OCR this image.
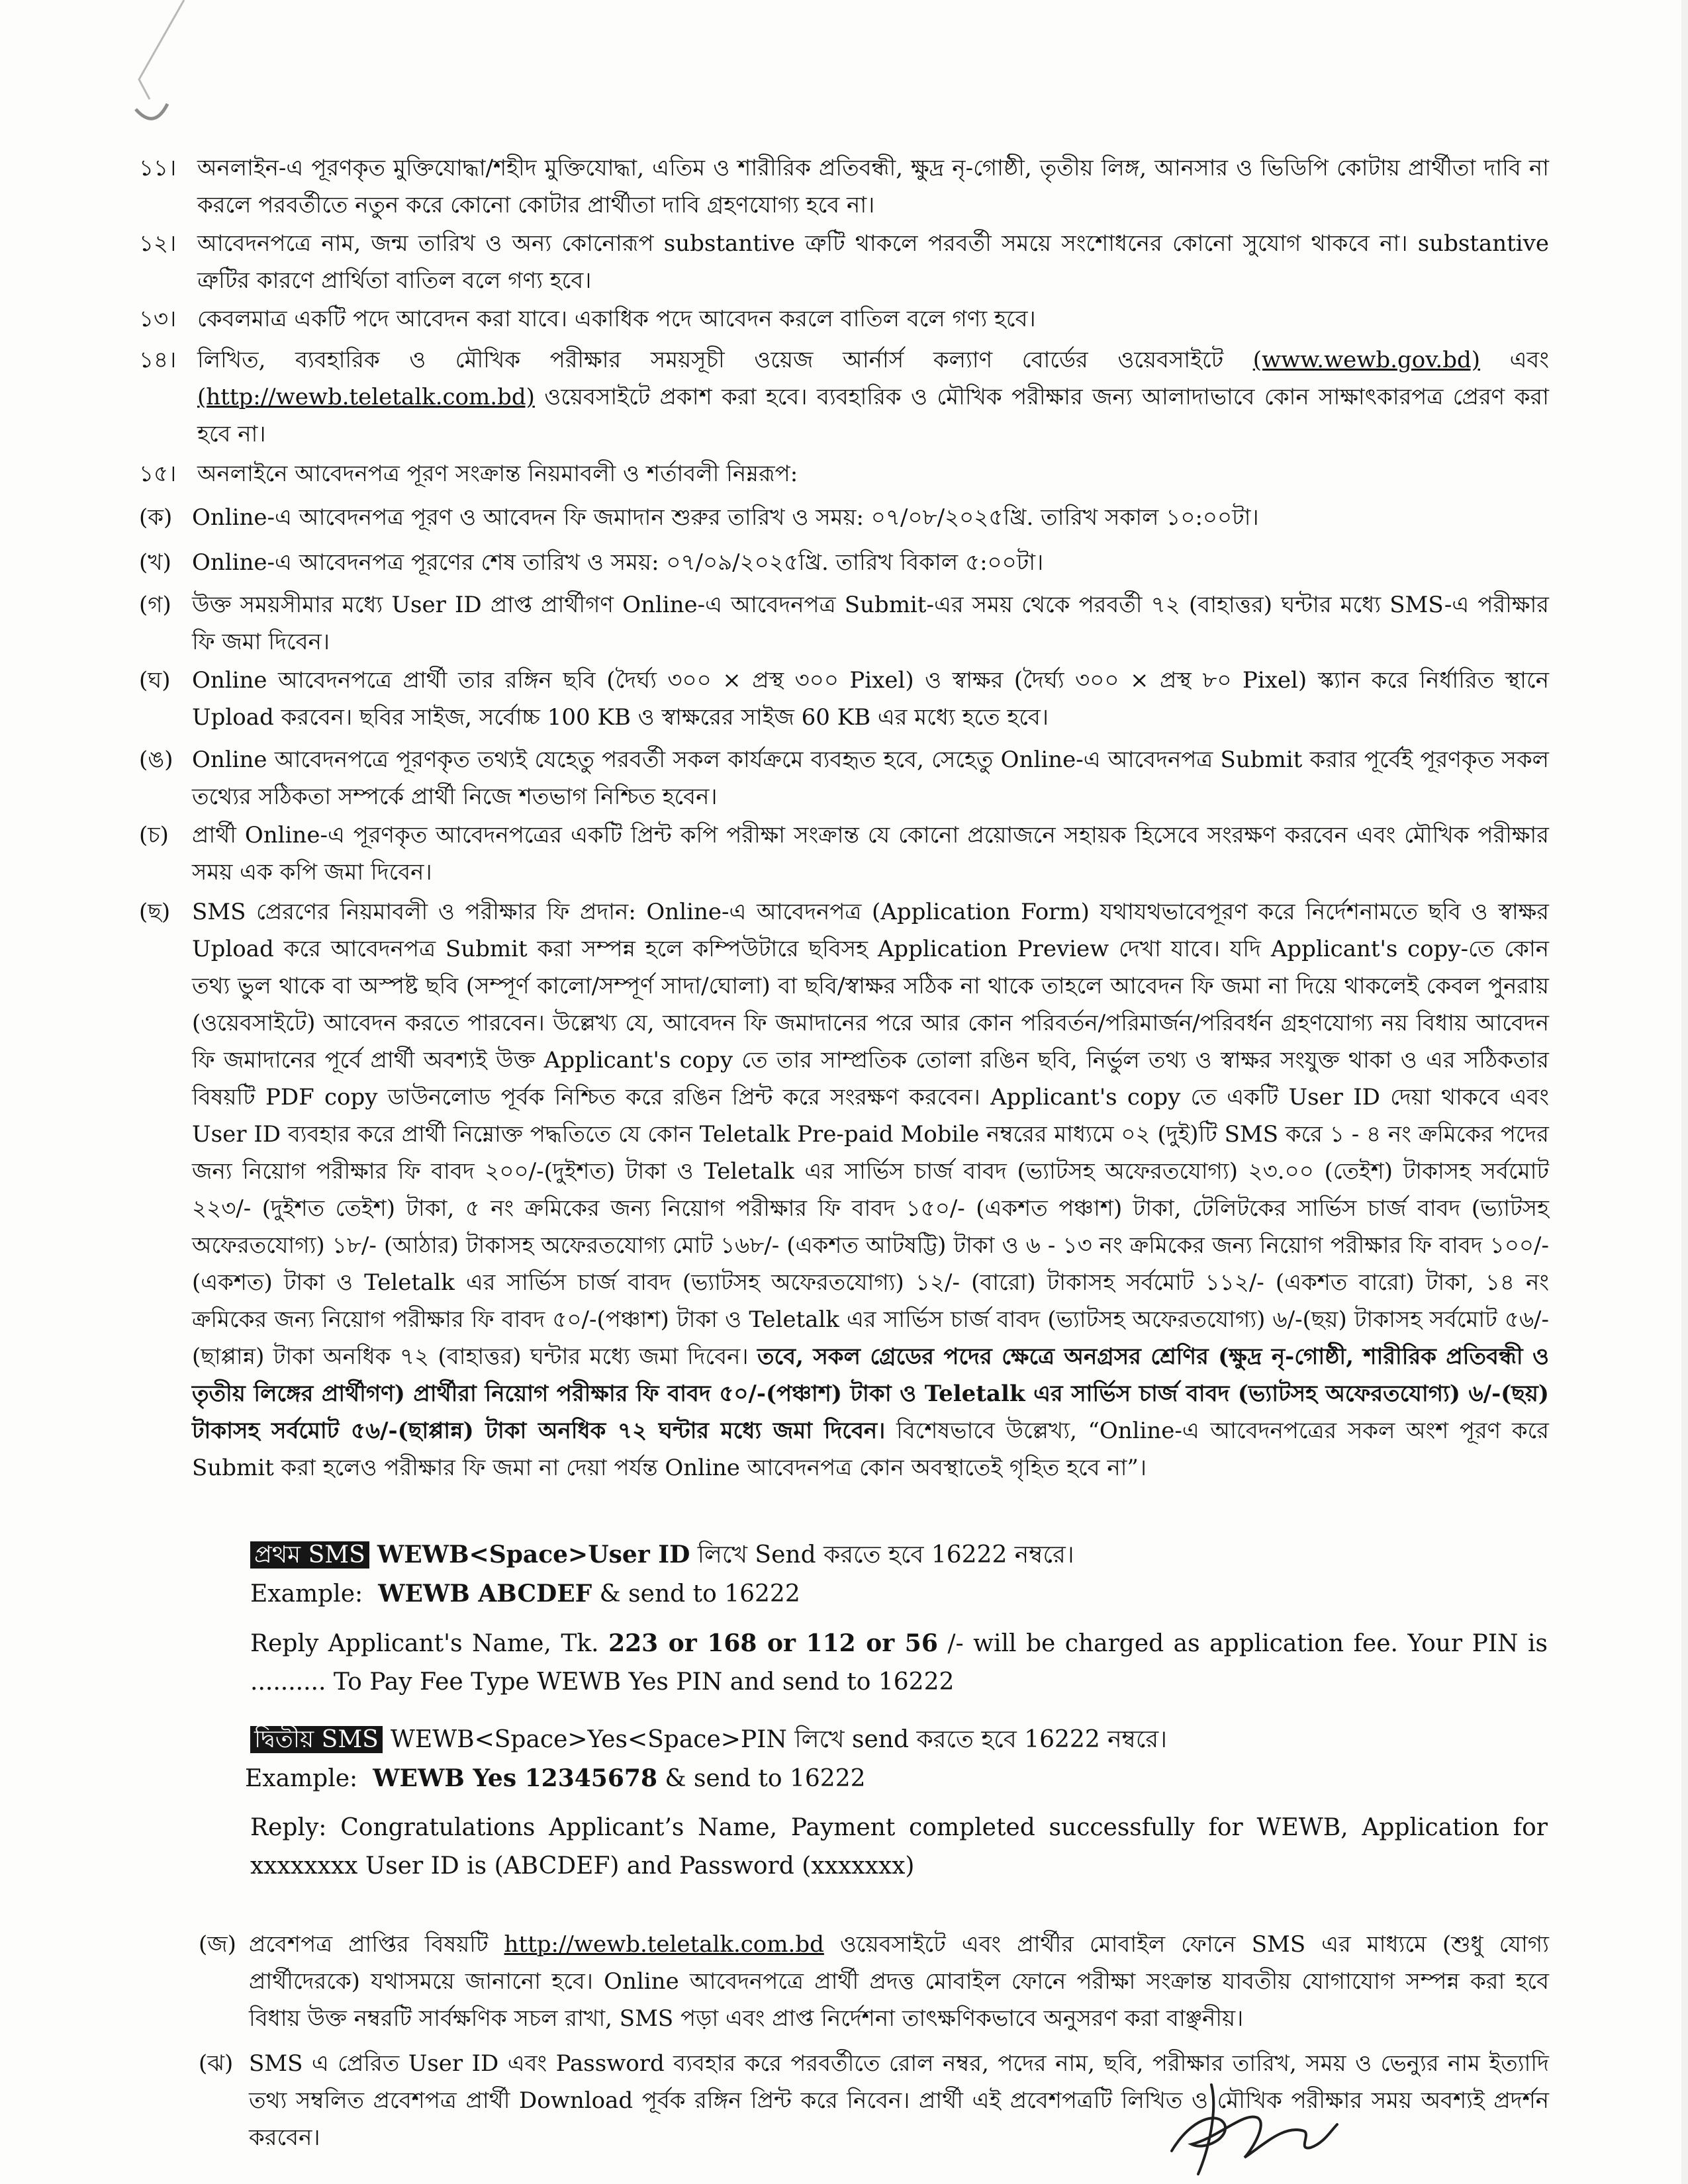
১১। অনলাইন-এ পূরণকৃত মুক্তিযোদ্ধা/শহীদ মুক্তিযোদ্ধা, এতিম ও শারীরিক প্রতিবন্ধী, ক্ষুদ্র নৃ-গোষ্ঠী, তৃতীয় লিঙ্গ, আনসার ও ভিডিপি কোটায় প্রার্থীতা দাবি না করলে পরবর্তীতে নতুন করে কোনো কোটার প্রার্থীতা দাবি গ্রহণযোগ্য হবে না।
১২। আবেদনপত্রে নাম, জন্ম তারিখ ও অন্য কোনোরূপ substantive ত্রুটি থাকলে পরবর্তী সময়ে সংশোধনের কোনো সুযোগ থাকবে না। substantive ত্রুটির কারণে প্রার্থিতা বাতিল বলে গণ্য হবে।
১৩। কেবলমাত্র একটি পদে আবেদন করা যাবে। একাধিক পদে আবেদন করলে বাতিল বলে গণ্য হবে।
১৪। লিখিত, ব্যবহারিক ও মৌখিক পরীক্ষার সময়সূচী ওয়েজ আর্নার্স কল্যাণ বোর্ডের ওয়েবসাইটে (www.wewb.gov.bd) এবং (http://wewb.teletalk.com.bd) ওয়েবসাইটে প্রকাশ করা হবে। ব্যবহারিক ও মৌখিক পরীক্ষার জন্য আলাদাভাবে কোন সাক্ষাৎকারপত্র প্রেরণ করা হবে না।
১৫। অনলাইনে আবেদনপত্র পূরণ সংক্রান্ত নিয়মাবলী ও শর্তাবলী নিম্নরূপ:
(ক) Online-এ আবেদনপত্র পূরণ ও আবেদন ফি জমাদান শুরুর তারিখ ও সময়: ০৭/০৮/২০২৫খ্রি. তারিখ সকাল ১০:০০টা।
(খ) Online-এ আবেদনপত্র পূরণের শেষ তারিখ ও সময়: ০৭/০৯/২০২৫খ্রি. তারিখ বিকাল ৫:০০টা।
(গ) উক্ত সময়সীমার মধ্যে User ID প্রাপ্ত প্রার্থীগণ Online-এ আবেদনপত্র Submit-এর সময় থেকে পরবর্তী ৭২ (বাহাত্তর) ঘন্টার মধ্যে SMS-এ পরীক্ষার ফি জমা দিবেন।
(ঘ) Online আবেদনপত্রে প্রার্থী তার রঙ্গিন ছবি (দৈর্ঘ্য ৩০০ × প্রস্থ ৩০০ Pixel) ও স্বাক্ষর (দৈর্ঘ্য ৩০০ × প্রস্থ ৮০ Pixel) স্ক্যান করে নির্ধারিত স্থানে Upload করবেন। ছবির সাইজ, সর্বোচ্চ 100 KB ও স্বাক্ষরের সাইজ 60 KB এর মধ্যে হতে হবে।
(ঙ) Online আবেদনপত্রে পূরণকৃত তথ্যই যেহেতু পরবর্তী সকল কার্যক্রমে ব্যবহৃত হবে, সেহেতু Online-এ আবেদনপত্র Submit করার পূর্বেই পূরণকৃত সকল তথ্যের সঠিকতা সম্পর্কে প্রার্থী নিজে শতভাগ নিশ্চিত হবেন।
(চ) প্রার্থী Online-এ পূরণকৃত আবেদনপত্রের একটি প্রিন্ট কপি পরীক্ষা সংক্রান্ত যে কোনো প্রয়োজনে সহায়ক হিসেবে সংরক্ষণ করবেন এবং মৌখিক পরীক্ষার সময় এক কপি জমা দিবেন।
(ছ) SMS প্রেরণের নিয়মাবলী ও পরীক্ষার ফি প্রদান: Online-এ আবেদনপত্র (Application Form) যথাযথভাবেপূরণ করে নির্দেশনামতে ছবি ও স্বাক্ষর Upload করে আবেদনপত্র Submit করা সম্পন্ন হলে কম্পিউটারে ছবিসহ Application Preview দেখা যাবে। যদি Applicant's copy-তে কোন তথ্য ভুল থাকে বা অস্পষ্ট ছবি (সম্পূর্ণ কালো/সম্পূর্ণ সাদা/ঘোলা) বা ছবি/স্বাক্ষর সঠিক না থাকে তাহলে আবেদন ফি জমা না দিয়ে থাকলেই কেবল পুনরায় (ওয়েবসাইটে) আবেদন করতে পারবেন। উল্লেখ্য যে, আবেদন ফি জমাদানের পরে আর কোন পরিবর্তন/পরিমার্জন/পরিবর্ধন গ্রহণযোগ্য নয় বিধায় আবেদন ফি জমাদানের পূর্বে প্রার্থী অবশ্যই উক্ত Applicant's copy তে তার সাম্প্রতিক তোলা রঙিন ছবি, নির্ভুল তথ্য ও স্বাক্ষর সংযুক্ত থাকা ও এর সঠিকতার বিষয়টি PDF copy ডাউনলোড পূর্বক নিশ্চিত করে রঙিন প্রিন্ট করে সংরক্ষণ করবেন। Applicant's copy তে একটি User ID দেয়া থাকবে এবং User ID ব্যবহার করে প্রার্থী নিম্নোক্ত পদ্ধতিতে যে কোন Teletalk Pre-paid Mobile নম্বরের মাধ্যমে ০২ (দুই)টি SMS করে ১ - ৪ নং ক্রমিকের পদের জন্য নিয়োগ পরীক্ষার ফি বাবদ ২০০/-(দুইশত) টাকা ও Teletalk এর সার্ভিস চার্জ বাবদ (ভ্যাটসহ অফেরতযোগ্য) ২৩.০০ (তেইশ) টাকাসহ সর্বমোট ২২৩/- (দুইশত তেইশ) টাকা, ৫ নং ক্রমিকের জন্য নিয়োগ পরীক্ষার ফি বাবদ ১৫০/- (একশত পঞ্চাশ) টাকা, টেলিটকের সার্ভিস চার্জ বাবদ (ভ্যাটসহ অফেরতযোগ্য) ১৮/- (আঠার) টাকাসহ অফেরতযোগ্য মোট ১৬৮/- (একশত আটষট্টি) টাকা ও ৬ - ১৩ নং ক্রমিকের জন্য নিয়োগ পরীক্ষার ফি বাবদ ১০০/-(একশত) টাকা ও Teletalk এর সার্ভিস চার্জ বাবদ (ভ্যাটসহ অফেরতযোগ্য) ১২/- (বারো) টাকাসহ সর্বমোট ১১২/- (একশত বারো) টাকা, ১৪ নং ক্রমিকের জন্য নিয়োগ পরীক্ষার ফি বাবদ ৫০/-(পঞ্চাশ) টাকা ও Teletalk এর সার্ভিস চার্জ বাবদ (ভ্যাটসহ অফেরতযোগ্য) ৬/-(ছয়) টাকাসহ সর্বমোট ৫৬/-(ছাপ্পান্ন) টাকা অনধিক ৭২ (বাহাত্তর) ঘন্টার মধ্যে জমা দিবেন। তবে, সকল গ্রেডের পদের ক্ষেত্রে অনগ্রসর শ্রেণির (ক্ষুদ্র নৃ-গোষ্ঠী, শারীরিক প্রতিবন্ধী ও তৃতীয় লিঙ্গের প্রার্থীগণ) প্রার্থীরা নিয়োগ পরীক্ষার ফি বাবদ ৫০/-(পঞ্চাশ) টাকা ও Teletalk এর সার্ভিস চার্জ বাবদ (ভ্যাটসহ অফেরতযোগ্য) ৬/-(ছয়) টাকাসহ সর্বমোট ৫৬/-(ছাপ্পান্ন) টাকা অনধিক ৭২ ঘন্টার মধ্যে জমা দিবেন। বিশেষভাবে উল্লেখ্য, “Online-এ আবেদনপত্রের সকল অংশ পূরণ করে Submit করা হলেও পরীক্ষার ফি জমা না দেয়া পর্যন্ত Online আবেদনপত্র কোন অবস্থাতেই গৃহিত হবে না”।
প্রথম SMS WEWB<Space>User ID লিখে Send করতে হবে 16222 নম্বরে।
Example: WEWB ABCDEF & send to 16222
Reply Applicant's Name, Tk. 223 or 168 or 112 or 56 /- will be charged as application fee. Your PIN is .......... To Pay Fee Type WEWB Yes PIN and send to 16222
দ্বিতীয় SMS WEWB<Space>Yes<Space>PIN লিখে send করতে হবে 16222 নম্বরে।
Example: WEWB Yes 12345678 & send to 16222
Reply: Congratulations Applicant’s Name, Payment completed successfully for WEWB, Application for xxxxxxxx User ID is (ABCDEF) and Password (xxxxxxx)
(জ) প্রবেশপত্র প্রাপ্তির বিষয়টি http://wewb.teletalk.com.bd ওয়েবসাইটে এবং প্রার্থীর মোবাইল ফোনে SMS এর মাধ্যমে (শুধু যোগ্য প্রার্থীদেরকে) যথাসময়ে জানানো হবে। Online আবেদনপত্রে প্রার্থী প্রদত্ত মোবাইল ফোনে পরীক্ষা সংক্রান্ত যাবতীয় যোগাযোগ সম্পন্ন করা হবে বিধায় উক্ত নম্বরটি সার্বক্ষণিক সচল রাখা, SMS পড়া এবং প্রাপ্ত নির্দেশনা তাৎক্ষণিকভাবে অনুসরণ করা বাঞ্ছনীয়।
(ঝ) SMS এ প্রেরিত User ID এবং Password ব্যবহার করে পরবর্তীতে রোল নম্বর, পদের নাম, ছবি, পরীক্ষার তারিখ, সময় ও ভেন্যুর নাম ইত্যাদি তথ্য সম্বলিত প্রবেশপত্র প্রার্থী Download পূর্বক রঙ্গিন প্রিন্ট করে নিবেন। প্রার্থী এই প্রবেশপত্রটি লিখিত ও মৌখিক পরীক্ষার সময় অবশ্যই প্রদর্শন করবেন।
